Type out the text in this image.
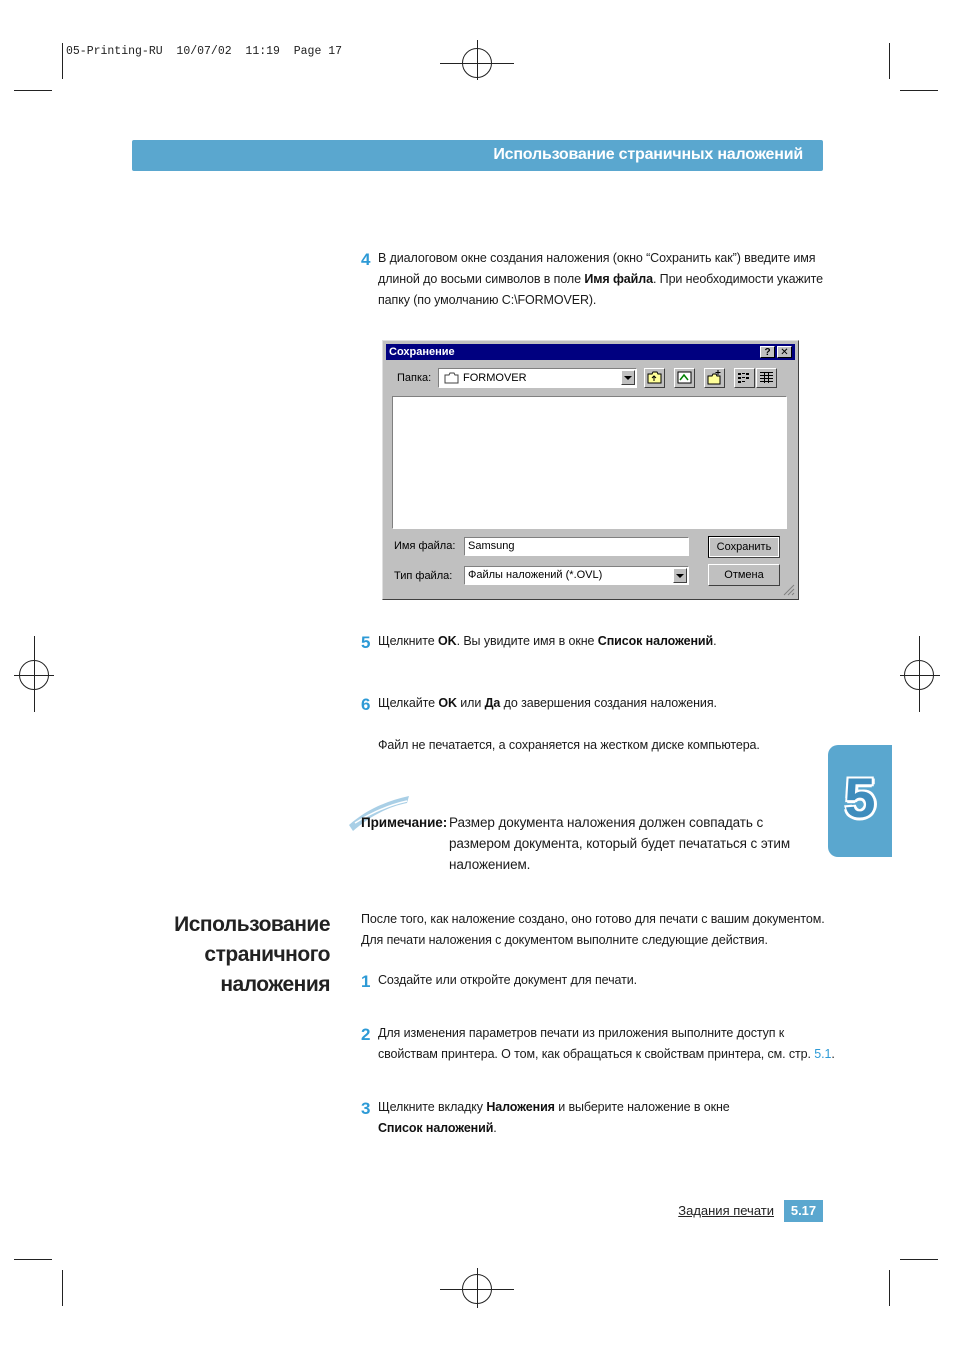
05-Printing-RU  10/07/02  11:19  Page 17
Использование страничных наложений
4 В диалоговом окне создания наложения (окно “Сохранить как”) введите имя
длиной до восьми символов в поле Имя файла. При необходимости укажите
папку (по умолчанию C:\FORMOVER).
5 Щелкните OK. Вы увидите имя в окне Список наложений.
6 Щелкайте OK или Да до завершения создания наложения.

Файл не печатается, а сохраняется на жестком диске компьютера.
Сохранение	? ✕
Папка:	FORMOVER
Имя файла: Samsung	Сохранить
Тип файла: Файлы наложений (*.OVL)	Отмена
Примечание: Размер документа наложения должен совпадать с
размером документа, который будет печататься с этим
наложением.
Использование
страничного
наложения
После того, как наложение создано, оно готово для печати с вашим документом.
Для печати наложения с документом выполните следующие действия.
1 Создайте или откройте документ для печати.
2 Для изменения параметров печати из приложения выполните доступ к
свойствам принтера. О том, как обращаться к свойствам принтера, см. стр. 5.1.
3 Щелкните вкладку Наложения и выберите наложение в окне
Список наложений.
5
Задания печати	5.17
